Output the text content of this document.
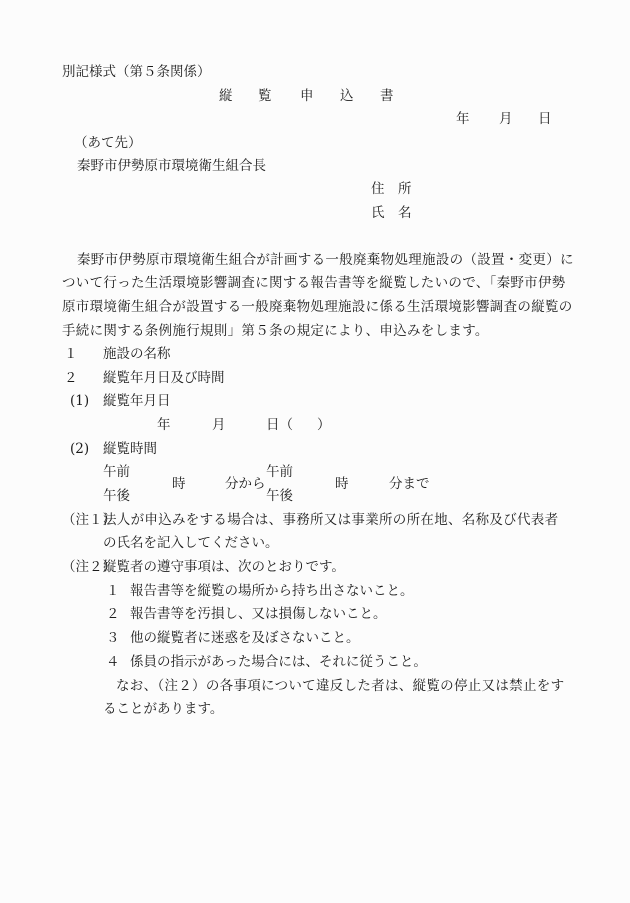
別記様式（第５条関係）
縦 覧 申 込 書
年 月 日
（あて先）
秦野市伊勢原市環境衛生組合長
住　所
氏　名
秦野市伊勢原市環境衛生組合が計画する一般廃棄物処理施設の（設置・変更）に
ついて行った生活環境影響調査に関する報告書等を縦覧したいので、「秦野市伊勢
原市環境衛生組合が設置する一般廃棄物処理施設に係る生活環境影響調査の縦覧の
手続に関する条例施行規則」第５条の規定により、申込みをします。
１ 施設の名称
２ 縦覧年月日及び時間
(1) 縦覧年月日
年	月	日（ ）
(2) 縦覧時間
午前
午後
時	分から
午前
午後
時	分まで
（注１）
法人が申込みをする場合は、事務所又は事業所の所在地、名称及び代表者
の氏名を記入してください。
（注２）
縦覧者の遵守事項は、次のとおりです。
１ 報告書等を縦覧の場所から持ち出さないこと。
２ 報告書等を汚損し、又は損傷しないこと。
３ 他の縦覧者に迷惑を及ぼさないこと。
４ 係員の指示があった場合には、それに従うこと。
なお、（注２）の各事項について違反した者は、縦覧の停止又は禁止をす
ることがあります。
